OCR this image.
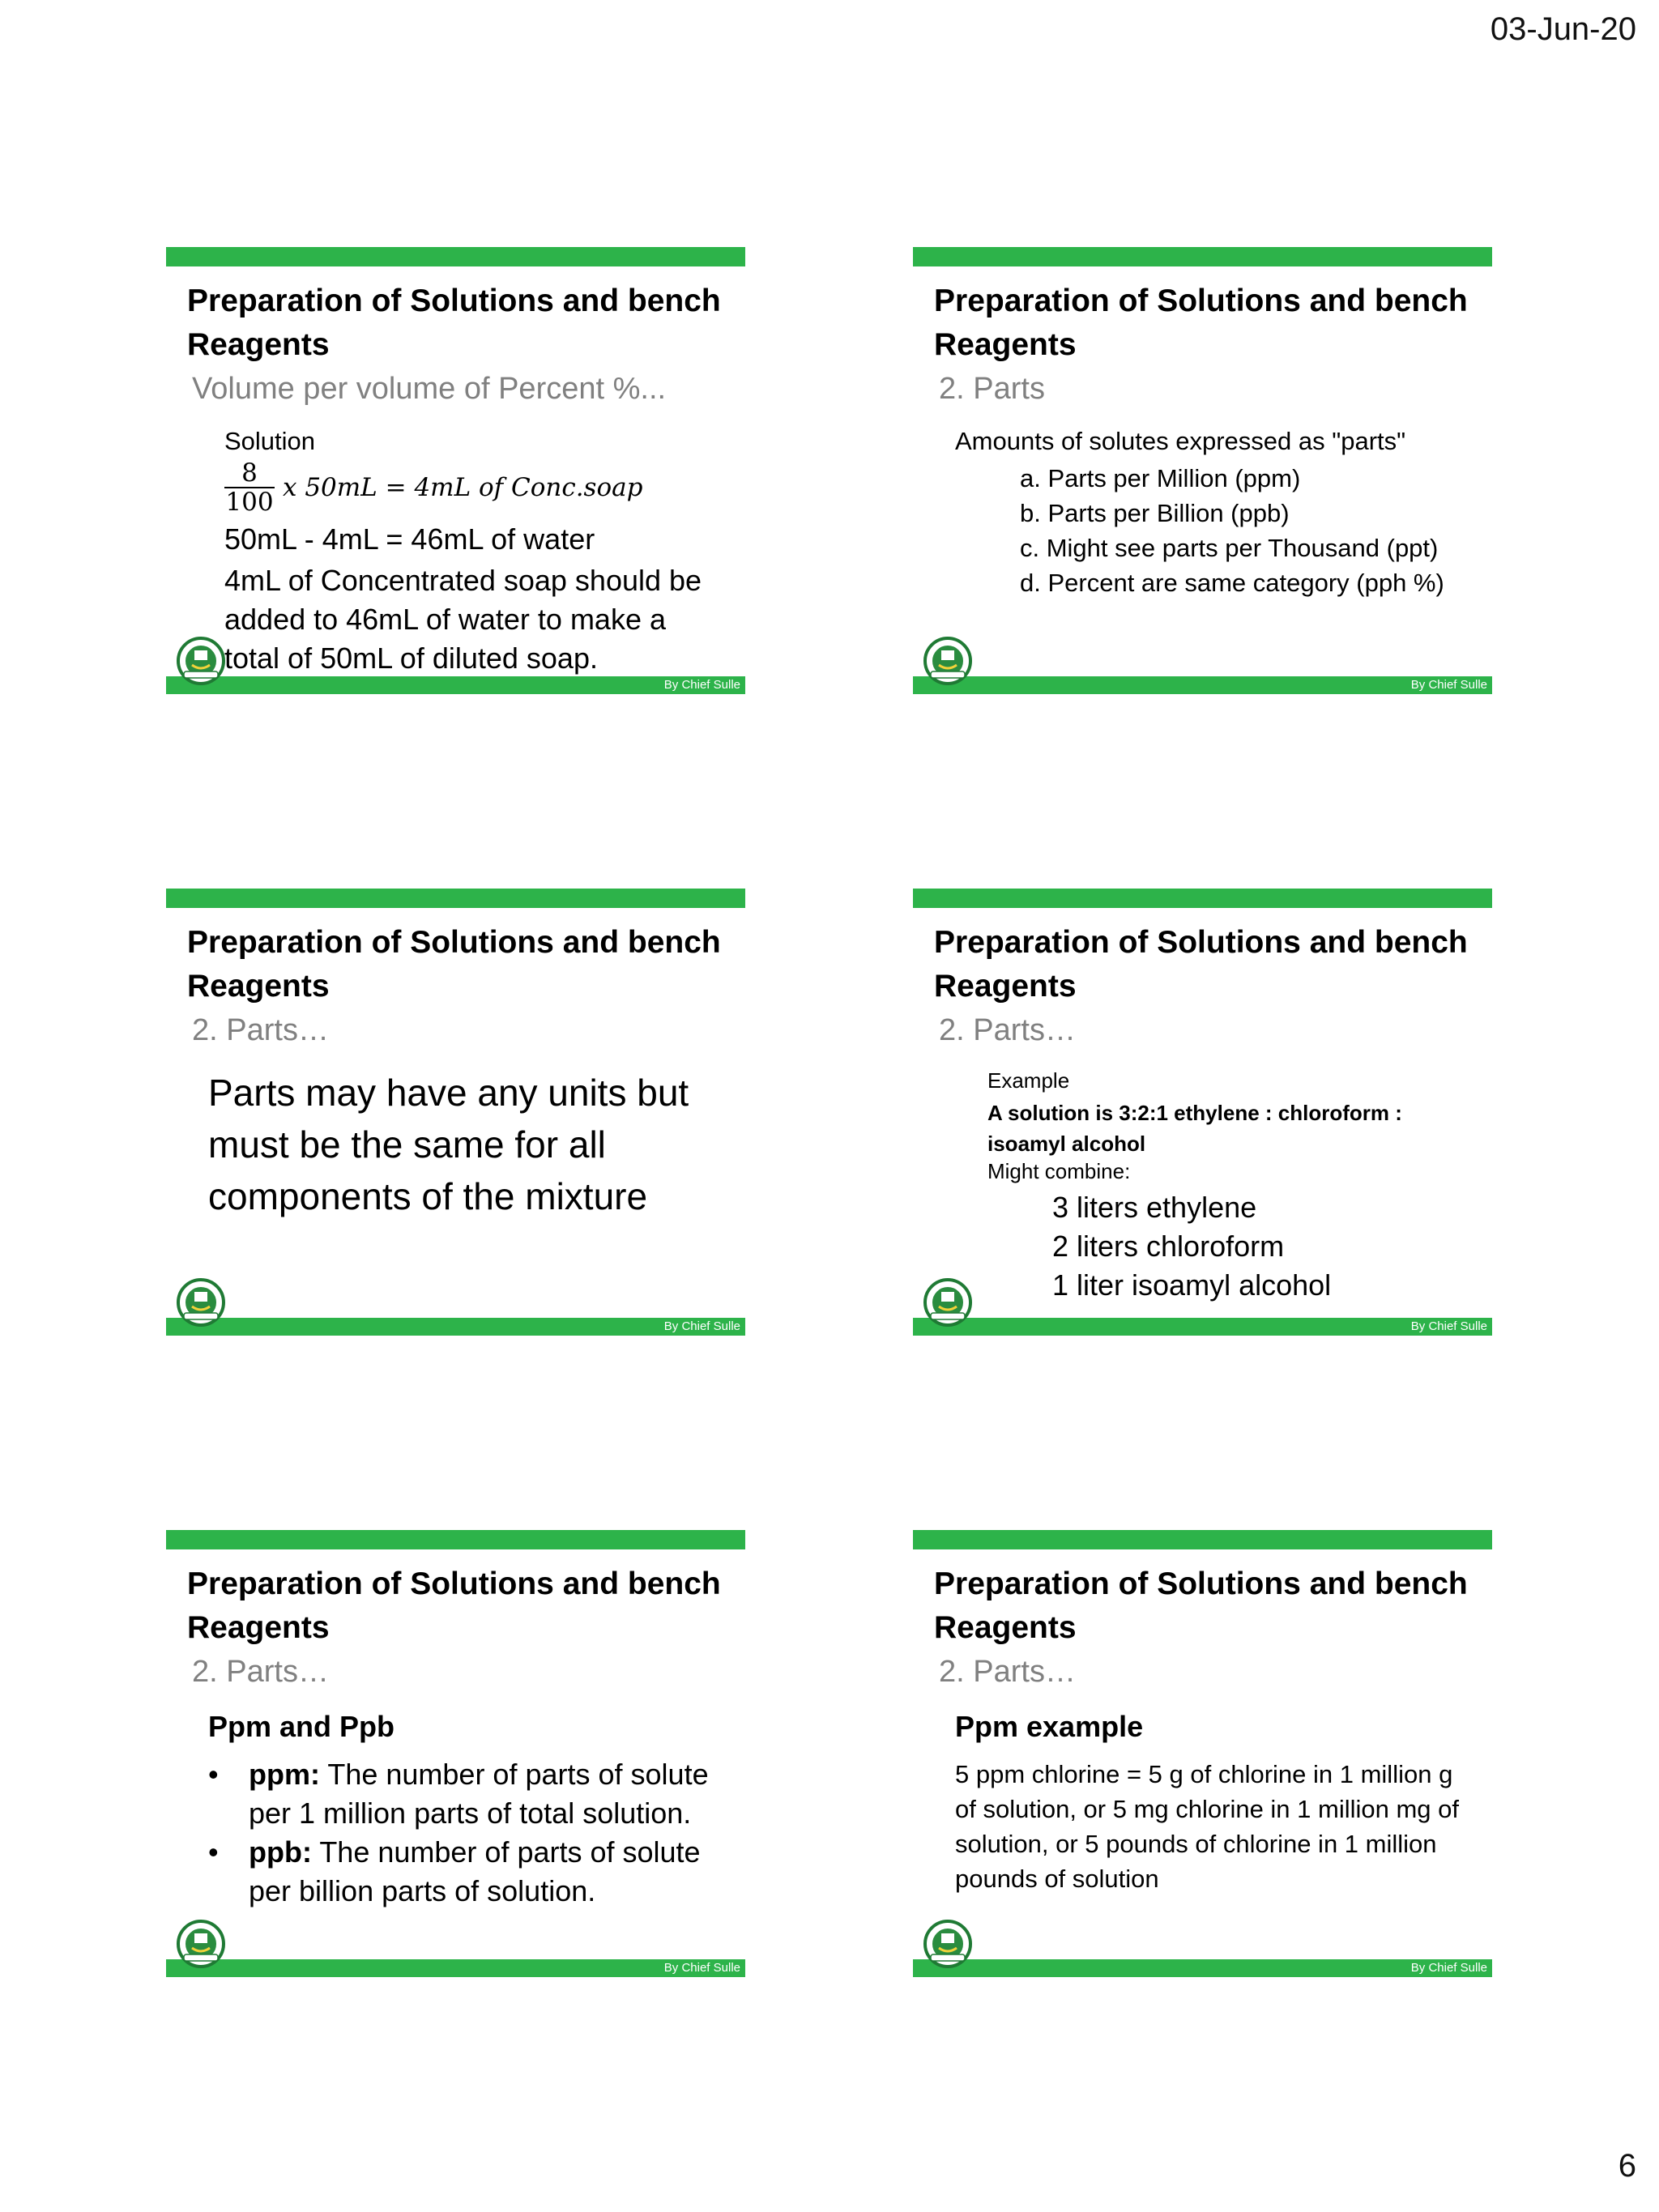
03-Jun-20
Preparation of Solutions and bench Reagents
Volume per volume of Percent %...
Solution
$\frac{8}{100}$ x 50mL = 4mL of Conc.soap
50mL - 4mL = 46mL of water
4mL of Concentrated soap should be added to 46mL of water to make a total of 50mL of diluted soap.
By Chief Sulle
Preparation of Solutions and bench Reagents
2. Parts
Amounts of solutes expressed as "parts"
a. Parts per Million (ppm)
b. Parts per Billion (ppb)
c. Might see parts per Thousand (ppt)
d. Percent are same category (pph %)
By Chief Sulle
Preparation of Solutions and bench Reagents
2. Parts…
Parts may have any units but must be the same for all components of the mixture
By Chief Sulle
Preparation of Solutions and bench Reagents
2. Parts…
Example
A solution is 3:2:1 ethylene : chloroform : isoamyl alcohol
Might combine:
3 liters ethylene
2 liters chloroform
1 liter isoamyl alcohol
By Chief Sulle
Preparation of Solutions and bench Reagents
2. Parts…
Ppm and Ppb
• ppm: The number of parts of solute per 1 million parts of total solution.
• ppb: The number of parts of solute per billion parts of solution.
By Chief Sulle
Preparation of Solutions and bench Reagents
2. Parts…
Ppm example
5 ppm chlorine = 5 g of chlorine in 1 million g of solution, or 5 mg chlorine in 1 million mg of solution, or 5 pounds of chlorine in 1 million pounds of solution
By Chief Sulle
6
